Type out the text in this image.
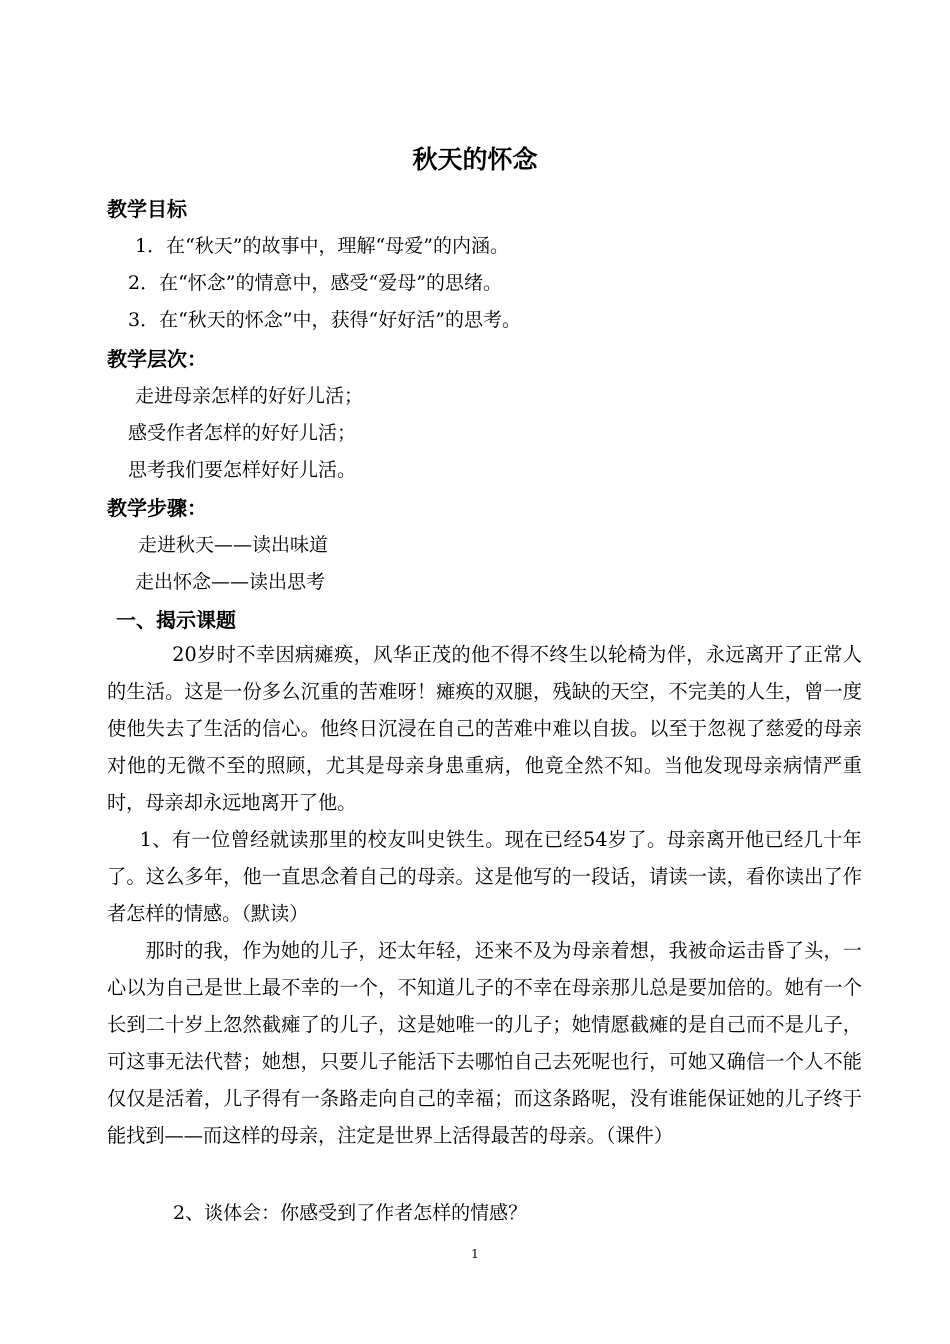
秋天的怀念
教学目标
1．在“秋天”的故事中，理解“母爱”的内涵。
2．在“怀念”的情意中，感受“爱母”的思绪。
3．在“秋天的怀念”中，获得“好好活”的思考。
教学层次：
走进母亲怎样的好好儿活；
感受作者怎样的好好儿活；
思考我们要怎样好好儿活。
教学步骤：
走进秋天——读出味道
走出怀念——读出思考
一、揭示课题
20岁时不幸因病瘫痪，风华正茂的他不得不终生以轮椅为伴，永远离开了正常人的生活。这是一份多么沉重的苦难呀！瘫痪的双腿，残缺的天空，不完美的人生，曾一度使他失去了生活的信心。他终日沉浸在自己的苦难中难以自拔。以至于忽视了慈爱的母亲对他的无微不至的照顾，尤其是母亲身患重病，他竟全然不知。当他发现母亲病情严重时，母亲却永远地离开了他。
1、有一位曾经就读那里的校友叫史铁生。现在已经54岁了。母亲离开他已经几十年了。这么多年，他一直思念着自己的母亲。这是他写的一段话，请读一读，看你读出了作者怎样的情感。（默读）
那时的我，作为她的儿子，还太年轻，还来不及为母亲着想，我被命运击昏了头，一心以为自己是世上最不幸的一个，不知道儿子的不幸在母亲那儿总是要加倍的。她有一个长到二十岁上忽然截瘫了的儿子，这是她唯一的儿子；她情愿截瘫的是自己而不是儿子，可这事无法代替；她想，只要儿子能活下去哪怕自己去死呢也行，可她又确信一个人不能仅仅是活着，儿子得有一条路走向自己的幸福；而这条路呢，没有谁能保证她的儿子终于能找到——而这样的母亲，注定是世界上活得最苦的母亲。（课件）
2、谈体会：你感受到了作者怎样的情感？
1
